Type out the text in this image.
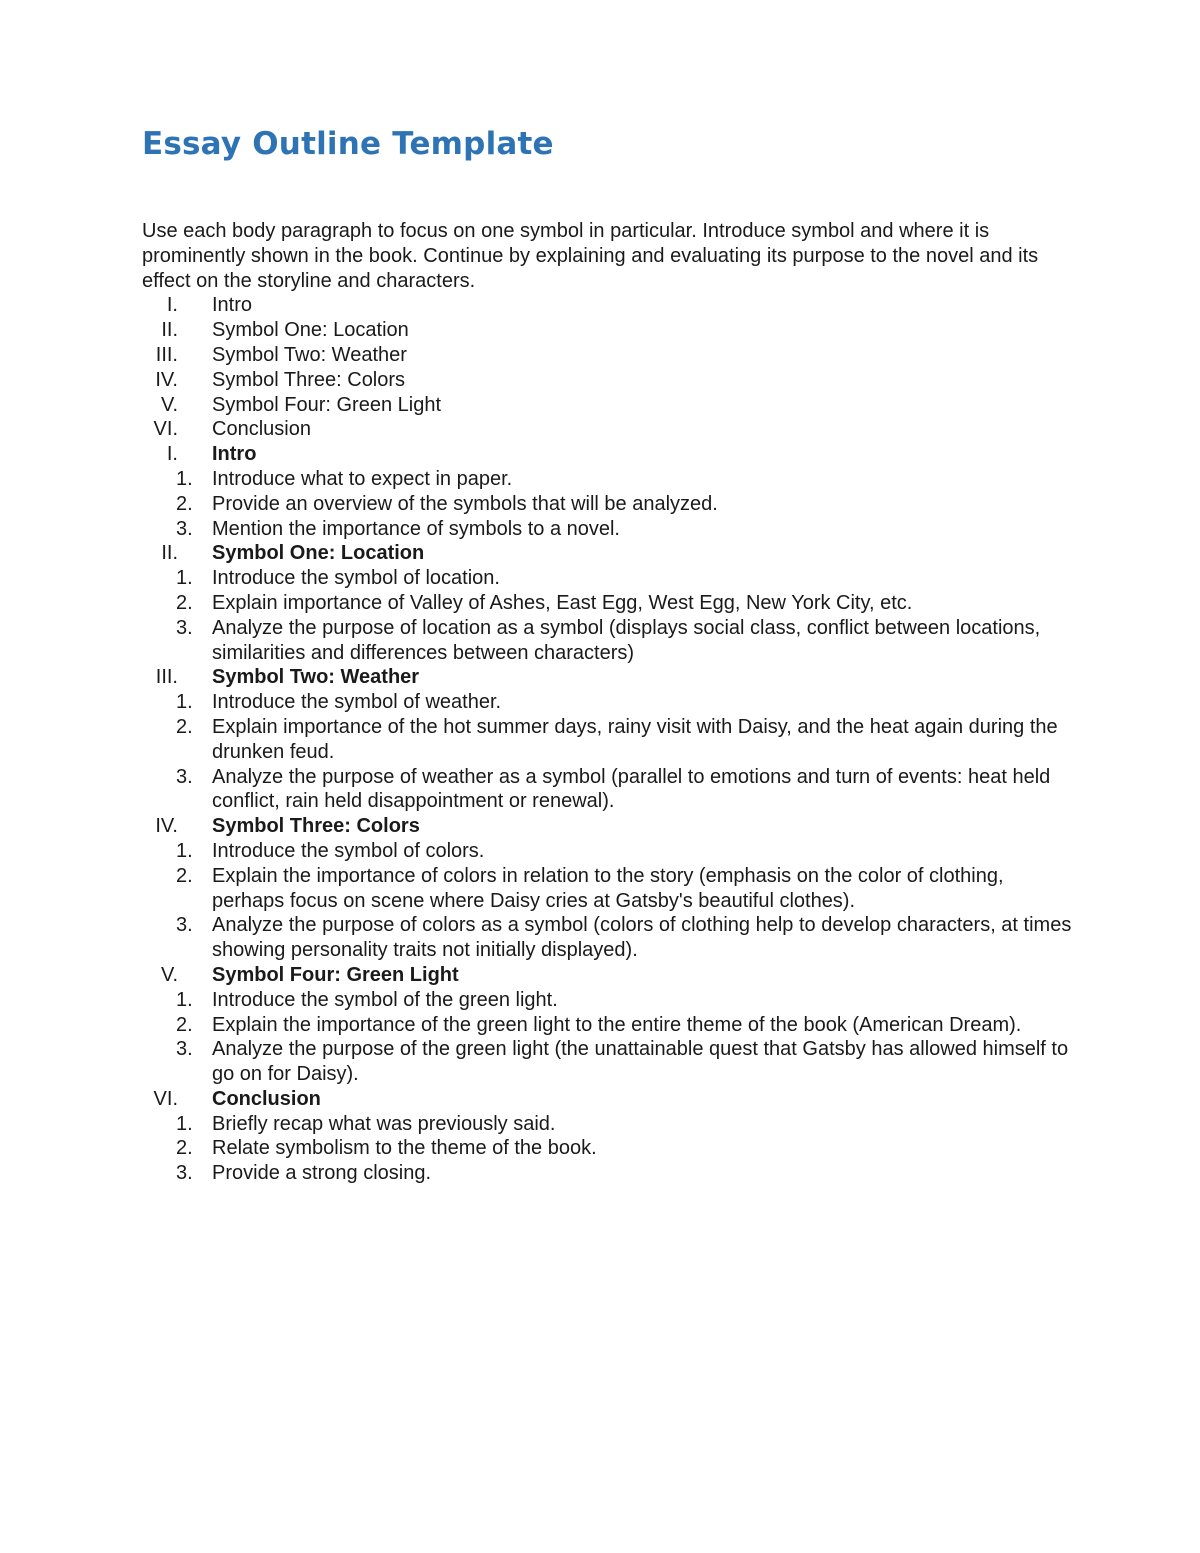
Essay Outline Template

Use each body paragraph to focus on one symbol in particular. Introduce symbol and where it is prominently shown in the book. Continue by explaining and evaluating its purpose to the novel and its effect on the storyline and characters.

I. Intro
II. Symbol One: Location
III. Symbol Two: Weather
IV. Symbol Three: Colors
V. Symbol Four: Green Light
VI. Conclusion
I. Intro
1. Introduce what to expect in paper.
2. Provide an overview of the symbols that will be analyzed.
3. Mention the importance of symbols to a novel.
II. Symbol One: Location
1. Introduce the symbol of location.
2. Explain importance of Valley of Ashes, East Egg, West Egg, New York City, etc.
3. Analyze the purpose of location as a symbol (displays social class, conflict between locations, similarities and differences between characters)
III. Symbol Two: Weather
1. Introduce the symbol of weather.
2. Explain importance of the hot summer days, rainy visit with Daisy, and the heat again during the drunken feud.
3. Analyze the purpose of weather as a symbol (parallel to emotions and turn of events: heat held conflict, rain held disappointment or renewal).
IV. Symbol Three: Colors
1. Introduce the symbol of colors.
2. Explain the importance of colors in relation to the story (emphasis on the color of clothing, perhaps focus on scene where Daisy cries at Gatsby's beautiful clothes).
3. Analyze the purpose of colors as a symbol (colors of clothing help to develop characters, at times showing personality traits not initially displayed).
V. Symbol Four: Green Light
1. Introduce the symbol of the green light.
2. Explain the importance of the green light to the entire theme of the book (American Dream).
3. Analyze the purpose of the green light (the unattainable quest that Gatsby has allowed himself to go on for Daisy).
VI. Conclusion
1. Briefly recap what was previously said.
2. Relate symbolism to the theme of the book.
3. Provide a strong closing.
